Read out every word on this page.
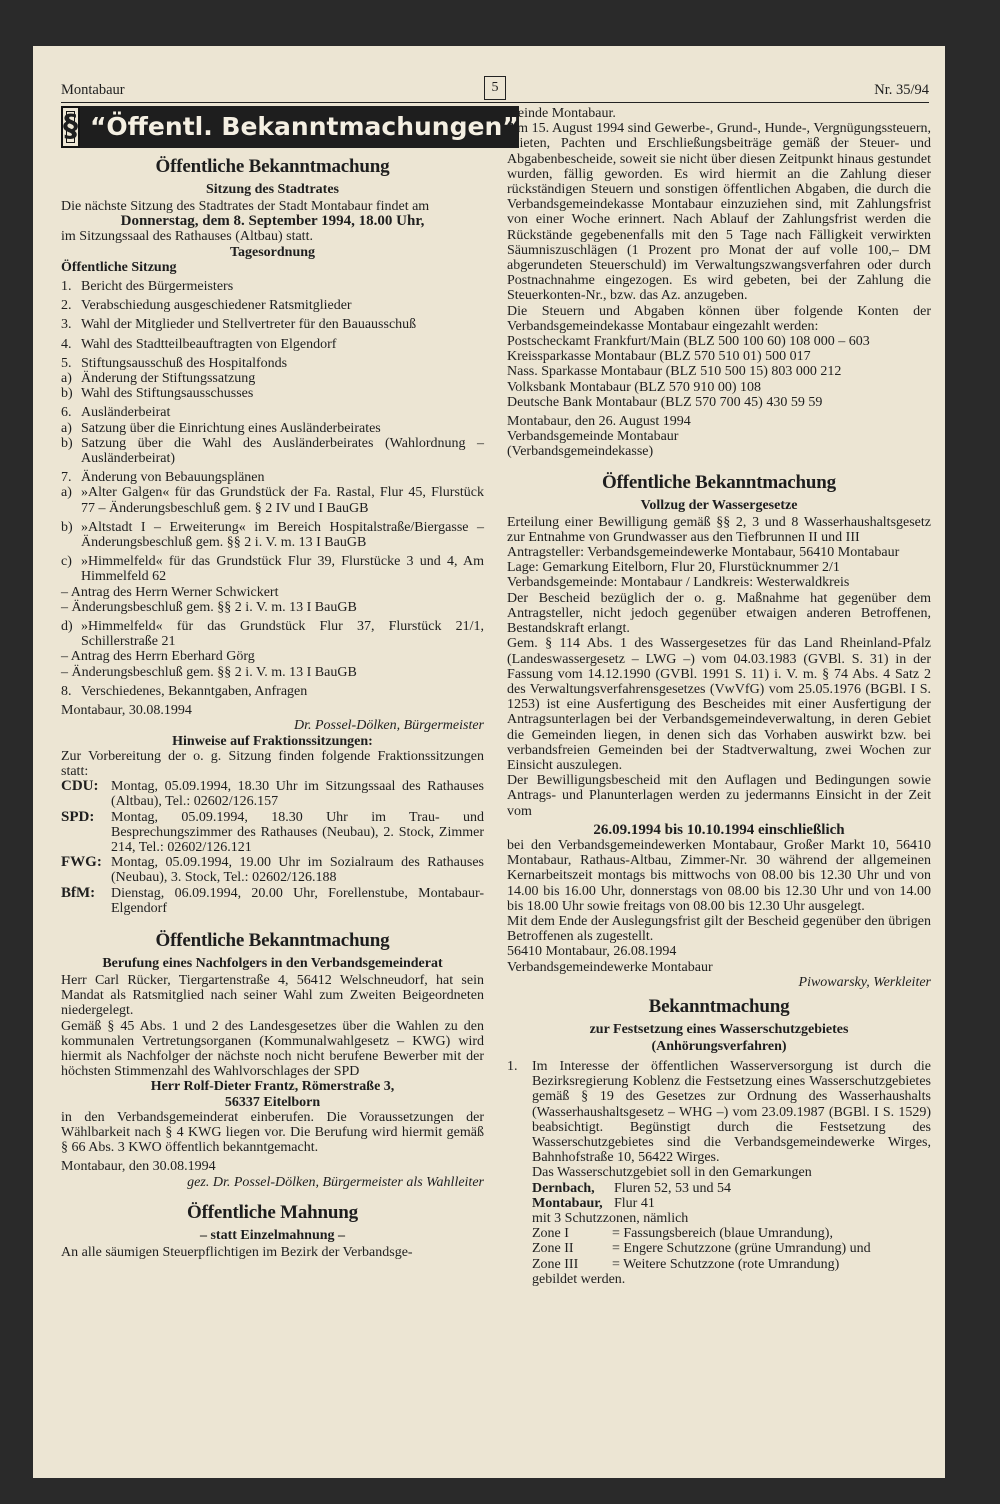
Montabaur	5	Nr. 35/94
§ “Öffentl. Bekanntmachungen”
Öffentliche Bekanntmachung
Sitzung des Stadtrates

Die nächste Sitzung des Stadtrates der Stadt Montabaur findet am

Donnerstag, dem 8. September 1994, 18.00 Uhr,

im Sitzungssaal des Rathauses (Altbau) statt.

Tagesordnung

Öffentliche Sitzung

1. Bericht des Bürgermeisters
2. Verabschiedung ausgeschiedener Ratsmitglieder
3. Wahl der Mitglieder und Stellvertreter für den Bauausschuß
4. Wahl des Stadtteilbeauftragten von Elgendorf
5. Stiftungsausschuß des Hospitalfonds
a) Änderung der Stiftungssatzung
b) Wahl des Stiftungsausschusses
6. Ausländerbeirat
a) Satzung über die Einrichtung eines Ausländerbeirates
b) Satzung über die Wahl des Ausländerbeirates (Wahlordnung – Ausländerbeirat)
7. Änderung von Bebauungsplänen
a) »Alter Galgen« für das Grundstück der Fa. Rastal, Flur 45, Flurstück 77 – Änderungsbeschluß gem. § 2 IV und I BauGB
b) »Altstadt I – Erweiterung« im Bereich Hospitalstraße/Biergasse – Änderungsbeschluß gem. §§ 2 i. V. m. 13 I BauGB
c) »Himmelfeld« für das Grundstück Flur 39, Flurstücke 3 und 4, Am Himmelfeld 62
– Antrag des Herrn Werner Schwickert
– Änderungsbeschluß gem. §§ 2 i. V. m. 13 I BauGB
d) »Himmelfeld« für das Grundstück Flur 37, Flurstück 21/1, Schillerstraße 21
– Antrag des Herrn Eberhard Görg
– Änderungsbeschluß gem. §§ 2 i. V. m. 13 I BauGB
8. Verschiedenes, Bekanntgaben, Anfragen

Montabaur, 30.08.1994

Dr. Possel-Dölken, Bürgermeister

Hinweise auf Fraktionssitzungen:

Zur Vorbereitung der o. g. Sitzung finden folgende Fraktionssitzungen statt:

CDU: Montag, 05.09.1994, 18.30 Uhr im Sitzungssaal des Rathauses (Altbau), Tel.: 02602/126.157
SPD:	Montag, 05.09.1994, 18.30 Uhr im Trau- und Besprechungszimmer des Rathauses (Neubau), 2. Stock, Zimmer 214, Tel.: 02602/126.121
FWG: Montag, 05.09.1994, 19.00 Uhr im Sozialraum des Rathauses (Neubau), 3. Stock, Tel.: 02602/126.188
BfM:	Dienstag, 06.09.1994, 20.00 Uhr, Forellenstube, Montabaur-Elgendorf
Öffentliche Bekanntmachung
Berufung eines Nachfolgers in den Verbandsgemeinderat

Herr Carl Rücker, Tiergartenstraße 4, 56412 Welschneudorf, hat sein Mandat als Ratsmitglied nach seiner Wahl zum Zweiten Beigeordneten niedergelegt.

Gemäß § 45 Abs. 1 und 2 des Landesgesetzes über die Wahlen zu den kommunalen Vertretungsorganen (Kommunalwahlgesetz – KWG) wird hiermit als Nachfolger der nächste noch nicht berufene Bewerber mit der höchsten Stimmenzahl des Wahlvorschlages der SPD

Herr Rolf-Dieter Frantz, Römerstraße 3,

56337 Eitelborn

in den Verbandsgemeinderat einberufen. Die Voraussetzungen der Wählbarkeit nach § 4 KWG liegen vor. Die Berufung wird hiermit gemäß § 66 Abs. 3 KWO öffentlich bekanntgemacht.

Montabaur, den 30.08.1994

gez. Dr. Possel-Dölken, Bürgermeister als Wahlleiter

Öffentliche Mahnung
– statt Einzelmahnung –

An alle säumigen Steuerpflichtigen im Bezirk der Verbandsge-

meinde Montabaur.

Am 15. August 1994 sind Gewerbe-, Grund-, Hunde-, Vergnügungssteuern, Mieten, Pachten und Erschließungsbeiträge gemäß der Steuer- und Abgabenbescheide, soweit sie nicht über diesen Zeitpunkt hinaus gestundet wurden, fällig geworden. Es wird hiermit an die Zahlung dieser rückständigen Steuern und sonstigen öffentlichen Abgaben, die durch die Verbandsgemeindekasse Montabaur einzuziehen sind, mit Zahlungsfrist von einer Woche erinnert. Nach Ablauf der Zahlungsfrist werden die Rückstände gegebenenfalls mit den 5 Tage nach Fälligkeit verwirkten Säumniszuschlägen (1 Prozent pro Monat der auf volle 100,– DM abgerundeten Steuerschuld) im Verwaltungszwangsverfahren oder durch Postnachnahme eingezogen. Es wird gebeten, bei der Zahlung die Steuerkonten-Nr., bzw. das Az. anzugeben.

Die Steuern und Abgaben können über folgende Konten der Verbandsgemeindekasse Montabaur eingezahlt werden:

Postscheckamt Frankfurt/Main (BLZ 500 100 60) 108 000 – 603

Kreissparkasse Montabaur (BLZ 570 510 01) 500 017

Nass. Sparkasse Montabaur (BLZ 510 500 15) 803 000 212

Volksbank Montabaur (BLZ 570 910 00) 108

Deutsche Bank Montabaur (BLZ 570 700 45) 430 59 59

Montabaur, den 26. August 1994

Verbandsgemeinde Montabaur

(Verbandsgemeindekasse)

Öffentliche Bekanntmachung
Vollzug der Wassergesetze

Erteilung einer Bewilligung gemäß §§ 2, 3 und 8 Wasserhaushaltsgesetz zur Entnahme von Grundwasser aus den Tiefbrunnen II und III

Antragsteller: Verbandsgemeindewerke Montabaur, 56410 Montabaur

Lage: Gemarkung Eitelborn, Flur 20, Flurstücknummer 2/1

Verbandsgemeinde: Montabaur / Landkreis: Westerwaldkreis

Der Bescheid bezüglich der o. g. Maßnahme hat gegenüber dem Antragsteller, nicht jedoch gegenüber etwaigen anderen Betroffenen, Bestandskraft erlangt.

Gem. § 114 Abs. 1 des Wassergesetzes für das Land Rheinland-Pfalz (Landeswassergesetz – LWG –) vom 04.03.1983 (GVBl. S. 31) in der Fassung vom 14.12.1990 (GVBl. 1991 S. 11) i. V. m. § 74 Abs. 4 Satz 2 des Verwaltungsverfahrensgesetzes (VwVfG) vom 25.05.1976 (BGBl. I S. 1253) ist eine Ausfertigung des Bescheides mit einer Ausfertigung der Antragsunterlagen bei der Verbandsgemeindeverwaltung, in deren Gebiet die Gemeinden liegen, in denen sich das Vorhaben auswirkt bzw. bei verbandsfreien Gemeinden bei der Stadtverwaltung, zwei Wochen zur Einsicht auszulegen.

Der Bewilligungsbescheid mit den Auflagen und Bedingungen sowie Antrags- und Planunterlagen werden zu jedermanns Einsicht in der Zeit vom

26.09.1994 bis 10.10.1994 einschließlich

bei den Verbandsgemeindewerken Montabaur, Großer Markt 10, 56410 Montabaur, Rathaus-Altbau, Zimmer-Nr. 30 während der allgemeinen Kernarbeitszeit montags bis mittwochs von 08.00 bis 12.30 Uhr und von 14.00 bis 16.00 Uhr, donnerstags von 08.00 bis 12.30 Uhr und von 14.00 bis 18.00 Uhr sowie freitags von 08.00 bis 12.30 Uhr ausgelegt.

Mit dem Ende der Auslegungsfrist gilt der Bescheid gegenüber den übrigen Betroffenen als zugestellt.

56410 Montabaur, 26.08.1994

Verbandsgemeindewerke Montabaur

Piwowarsky, Werkleiter

Bekanntmachung
zur Festsetzung eines Wasserschutzgebietes
(Anhörungsverfahren)
1.	Im Interesse der öffentlichen Wasserversorgung ist durch die Bezirksregierung Koblenz die Festsetzung eines Wasserschutzgebietes gemäß § 19 des Gesetzes zur Ordnung des Wasserhaushalts (Wasserhaushaltsgesetz – WHG –) vom 23.09.1987 (BGBl. I S. 1529) beabsichtigt. Begünstigt durch die Festsetzung des Wasserschutzgebietes sind die Verbandsgemeindewerke Wirges, Bahnhofstraße 10, 56422 Wirges.

Das Wasserschutzgebiet soll in den Gemarkungen

Dernbach,	Fluren 52, 53 und 54
Montabaur, Flur 41

mit 3 Schutzzonen, nämlich

Zone I	= Fassungsbereich (blaue Umrandung),
Zone II	= Engere Schutzzone (grüne Umrandung) und
Zone III	= Weitere Schutzzone (rote Umrandung)

gebildet werden.
